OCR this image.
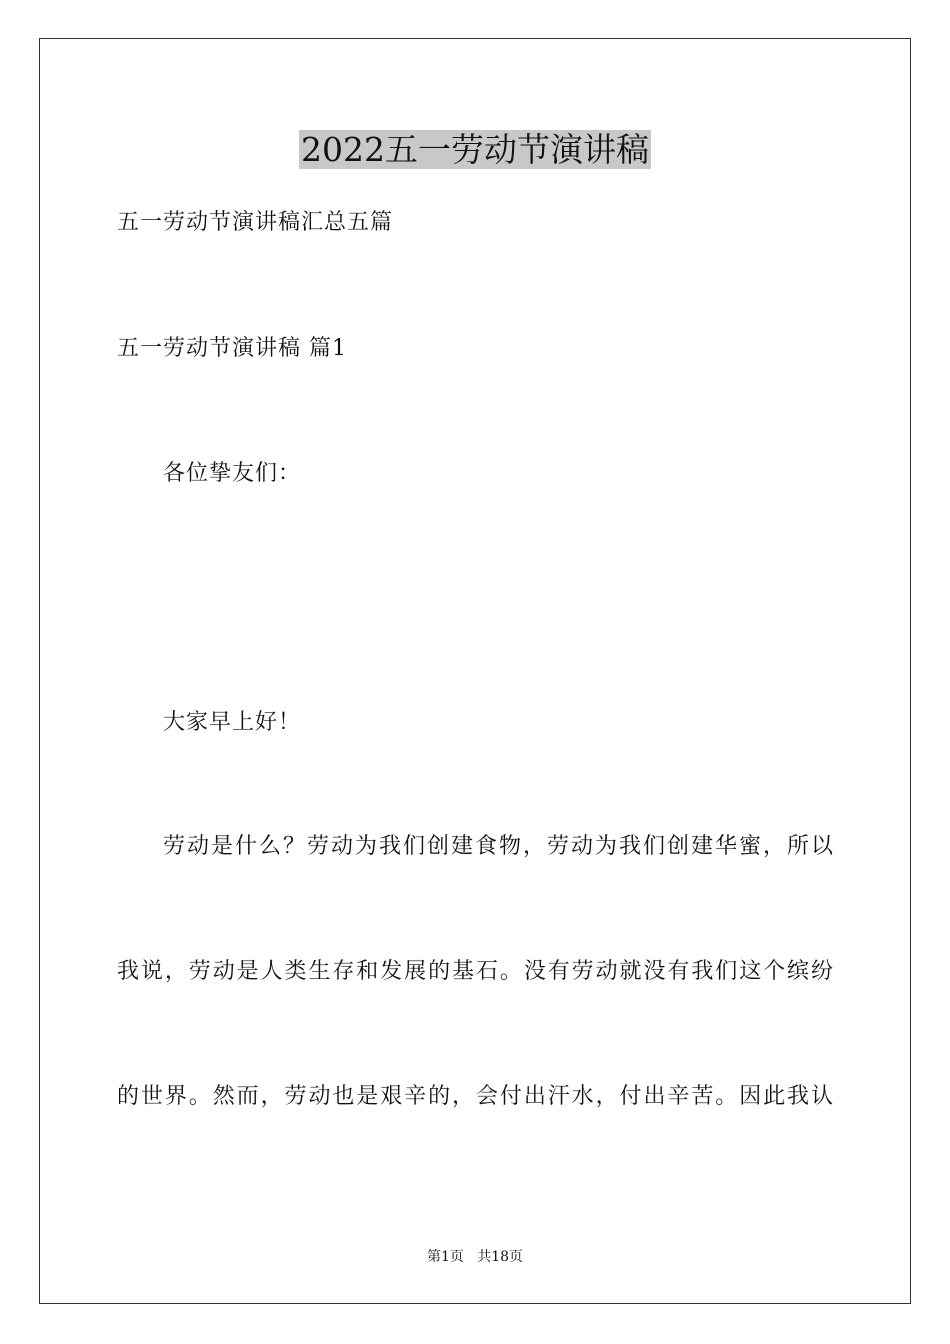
2022五一劳动节演讲稿
五一劳动节演讲稿汇总五篇
五一劳动节演讲稿 篇1
各位挚友们：
大家早上好！
劳动是什么？劳动为我们创建食物，劳动为我们创建华蜜，所以
我说，劳动是人类生存和发展的基石。没有劳动就没有我们这个缤纷
的世界。然而，劳动也是艰辛的，会付出汗水，付出辛苦。因此我认
第1页   共18页
